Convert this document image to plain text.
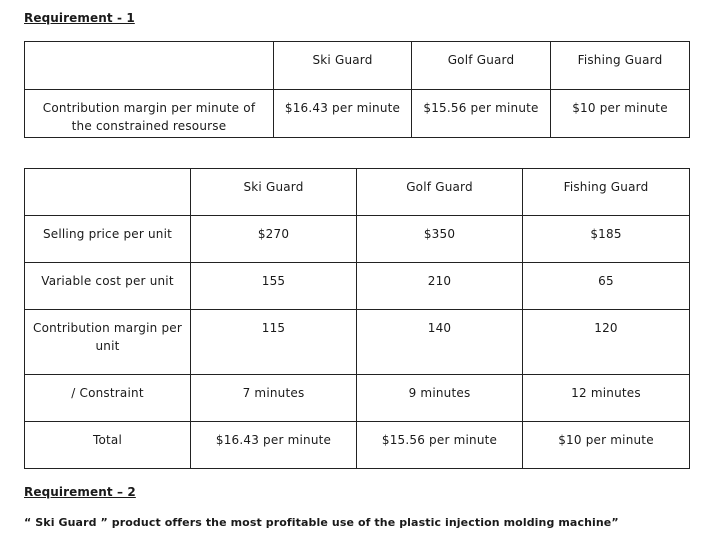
Requirement - 1
	Ski Guard	Golf Guard	Fishing Guard
Contribution margin per minute of the constrained resourse	$16.43 per minute	$15.56 per minute	$10 per minute
	Ski Guard	Golf Guard	Fishing Guard
Selling price per unit	$270	$350	$185
Variable cost per unit	155	210	65
Contribution margin per unit	115	140	120
/ Constraint	7 minutes	9 minutes	12 minutes
Total	$16.43 per minute	$15.56 per minute	$10 per minute
Requirement – 2
“ Ski Guard ” product offers the most profitable use of the plastic injection molding machine”
